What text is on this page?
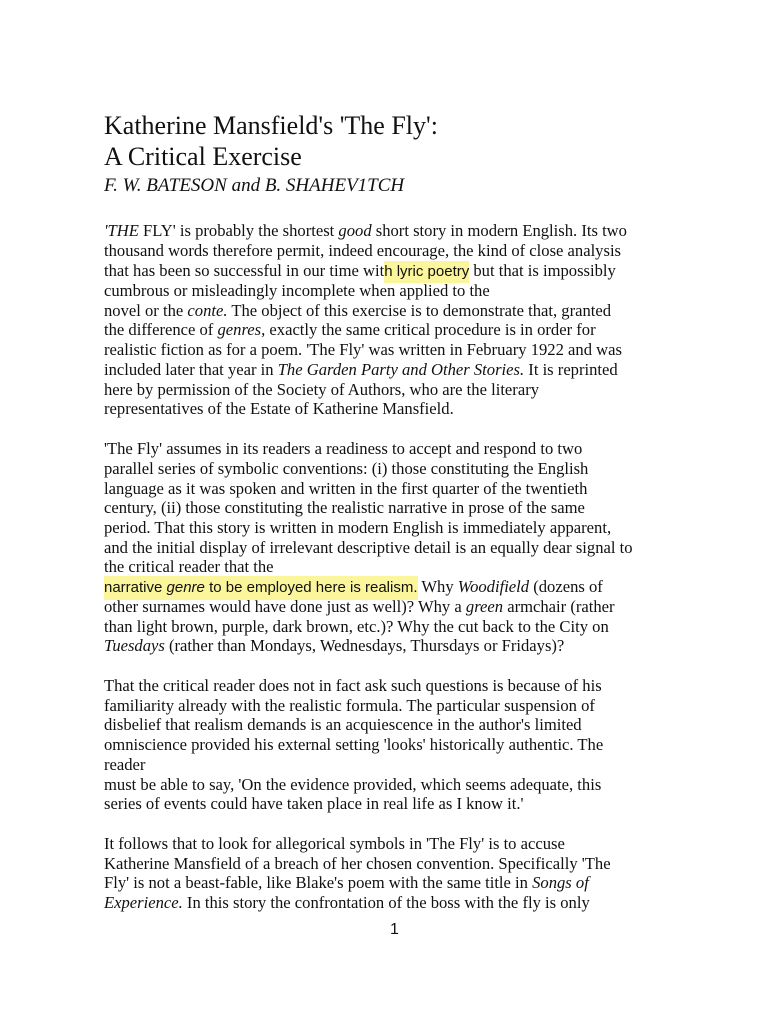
Katherine Mansfield's 'The Fly':
A Critical Exercise
F. W. BATESON and B. SHAHEV1TCH
'THE FLY' is probably the shortest good short story in modern English. Its two
thousand words therefore permit, indeed encourage, the kind of close analysis
that has been so successful in our time with lyric poetry but that is impossibly
cumbrous or misleadingly incomplete when applied to the
novel or the conte. The object of this exercise is to demonstrate that, granted
the difference of genres, exactly the same critical procedure is in order for
realistic fiction as for a poem. 'The Fly' was written in February 1922 and was
included later that year in The Garden Party and Other Stories. It is reprinted
here by permission of the Society of Authors, who are the literary
representatives of the Estate of Katherine Mansfield.
'The Fly' assumes in its readers a readiness to accept and respond to two
parallel series of symbolic conventions: (i) those constituting the English
language as it was spoken and written in the first quarter of the twentieth
century, (ii) those constituting the realistic narrative in prose of the same
period. That this story is written in modern English is immediately apparent,
and the initial display of irrelevant descriptive detail is an equally dear signal to
the critical reader that the
narrative genre to be employed here is realism. Why Woodifield (dozens of
other surnames would have done just as well)? Why a green armchair (rather
than light brown, purple, dark brown, etc.)? Why the cut back to the City on
Tuesdays (rather than Mondays, Wednesdays, Thursdays or Fridays)?
That the critical reader does not in fact ask such questions is because of his
familiarity already with the realistic formula. The particular suspension of
disbelief that realism demands is an acquiescence in the author's limited
omniscience provided his external setting 'looks' historically authentic. The
reader
must be able to say, 'On the evidence provided, which seems adequate, this
series of events could have taken place in real life as I know it.'
It follows that to look for allegorical symbols in 'The Fly' is to accuse
Katherine Mansfield of a breach of her chosen convention. Specifically 'The
Fly' is not a beast-fable, like Blake's poem with the same title in Songs of
Experience. In this story the confrontation of the boss with the fly is only
1
